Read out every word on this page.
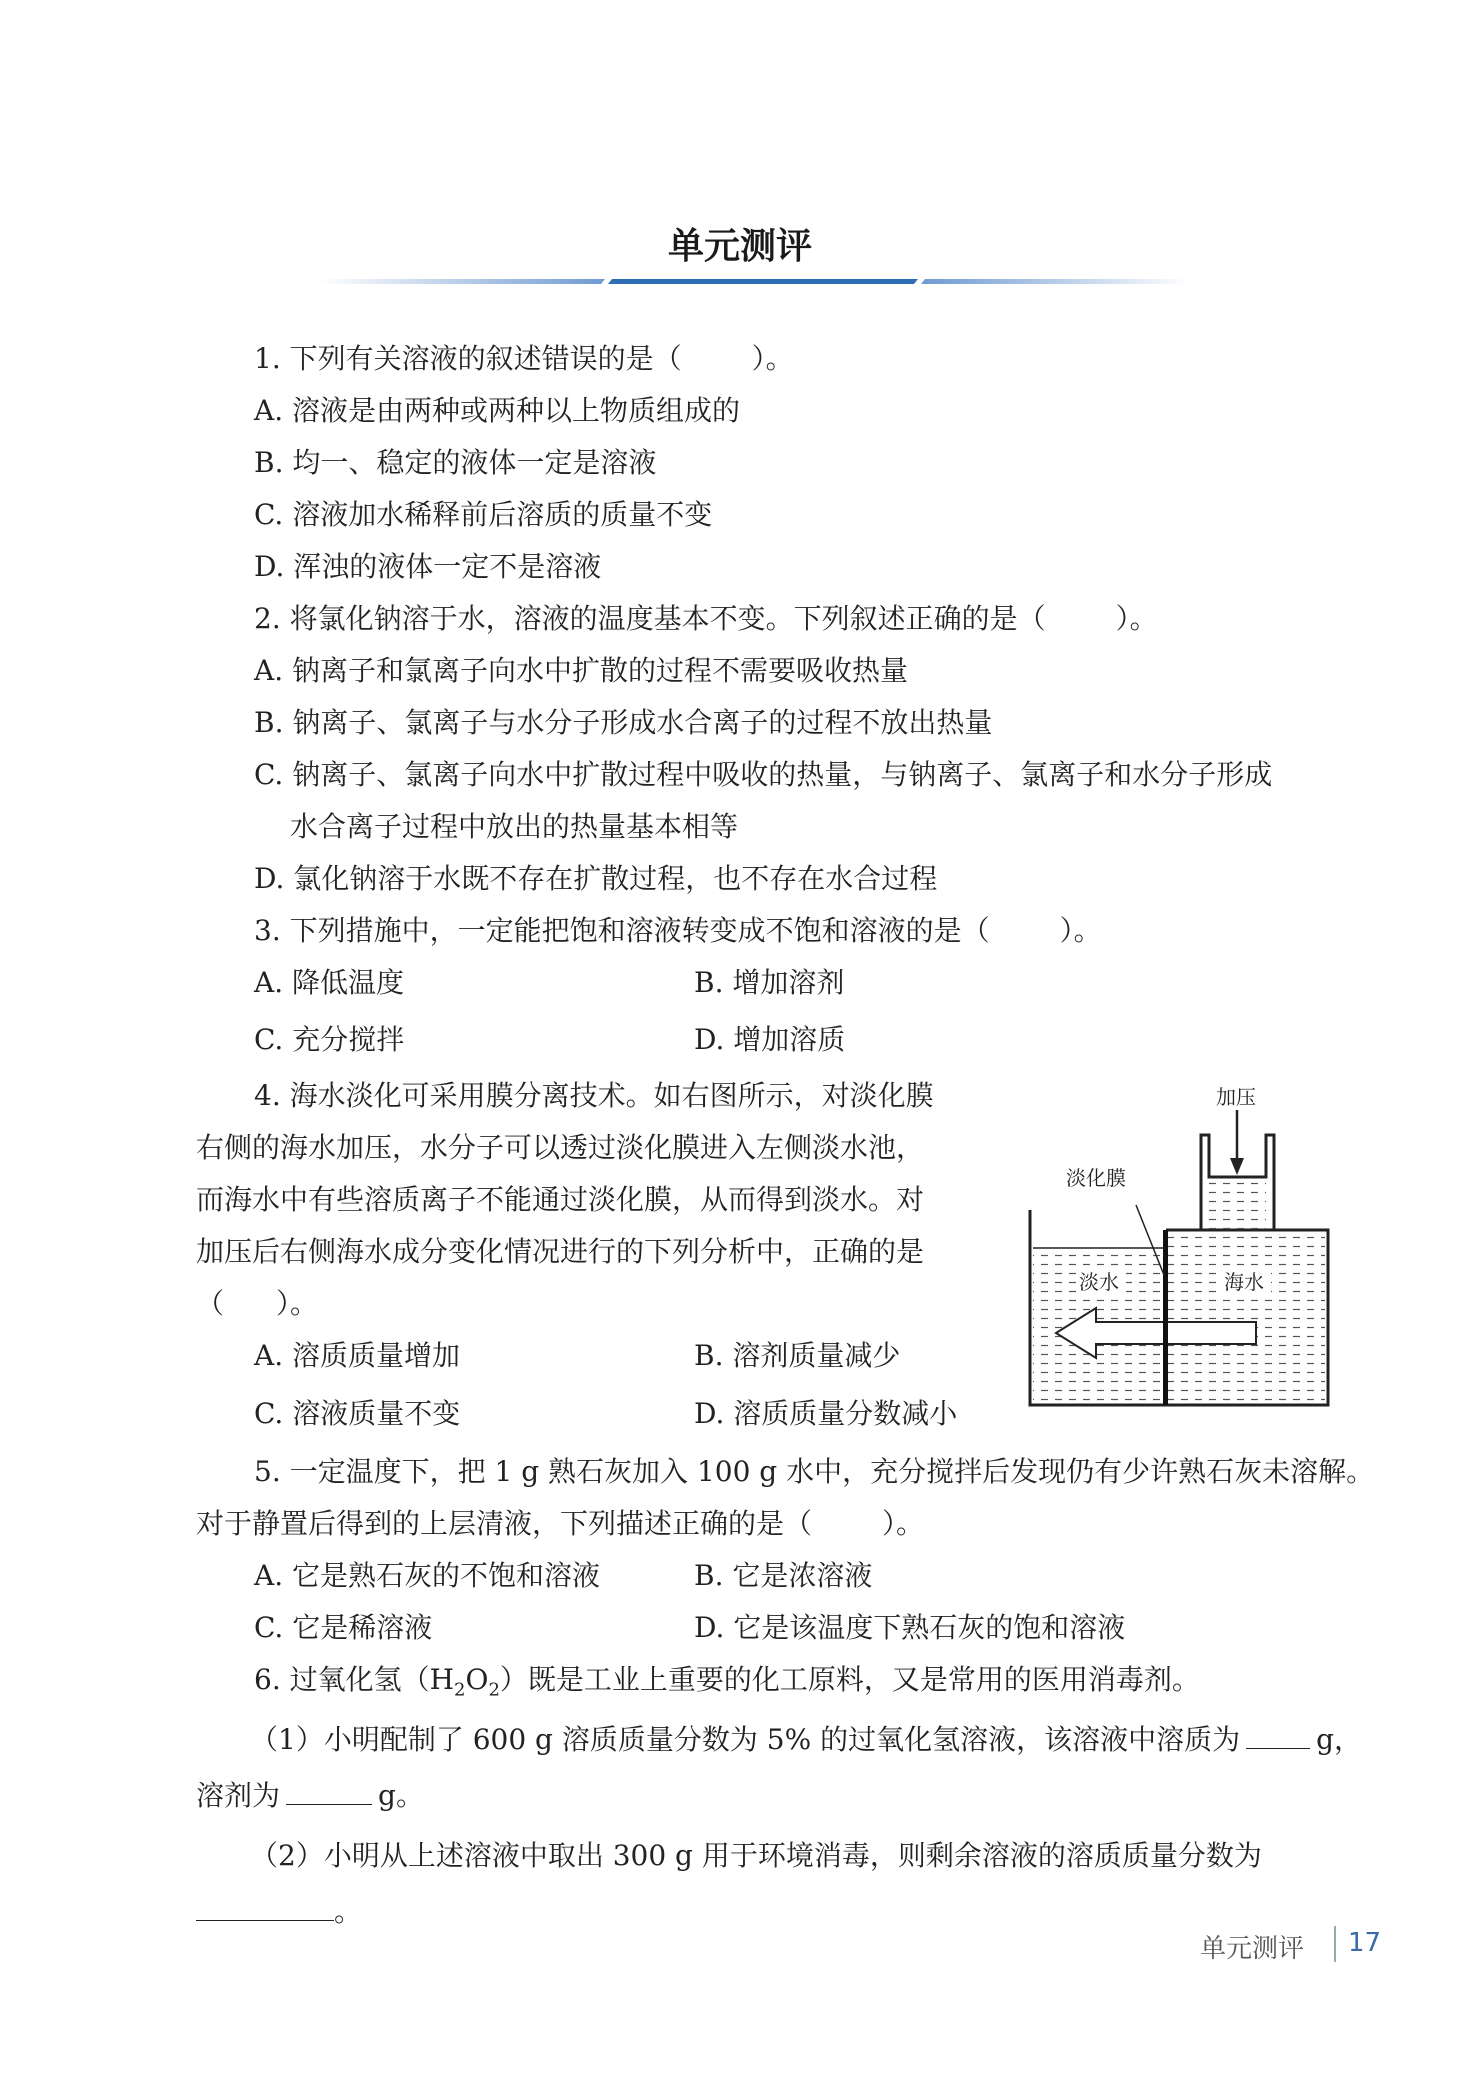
单元测评
1. 下列有关溶液的叙述错误的是（	）。
A. 溶液是由两种或两种以上物质组成的
B. 均一、稳定的液体一定是溶液
C. 溶液加水稀释前后溶质的质量不变
D. 浑浊的液体一定不是溶液
2. 将氯化钠溶于水，溶液的温度基本不变。下列叙述正确的是（	）。
A. 钠离子和氯离子向水中扩散的过程不需要吸收热量
B. 钠离子、氯离子与水分子形成水合离子的过程不放出热量
C. 钠离子、氯离子向水中扩散过程中吸收的热量，与钠离子、氯离子和水分子形成
水合离子过程中放出的热量基本相等
D. 氯化钠溶于水既不存在扩散过程，也不存在水合过程
3. 下列措施中，一定能把饱和溶液转变成不饱和溶液的是（	）。
A. 降低温度	B. 增加溶剂
C. 充分搅拌	D. 增加溶质
4. 海水淡化可采用膜分离技术。如右图所示，对淡化膜
右侧的海水加压，水分子可以透过淡化膜进入左侧淡水池，
而海水中有些溶质离子不能通过淡化膜，从而得到淡水。对
加压后右侧海水成分变化情况进行的下列分析中，正确的是
（ ）。
A. 溶质质量增加	B. 溶剂质量减少
C. 溶液质量不变	D. 溶质质量分数减小
加压
淡化膜
淡水	海水
5. 一定温度下，把 1 g 熟石灰加入 100 g 水中，充分搅拌后发现仍有少许熟石灰未溶解。
对于静置后得到的上层清液，下列描述正确的是（	）。
A. 它是熟石灰的不饱和溶液	B. 它是浓溶液
C. 它是稀溶液	D. 它是该温度下熟石灰的饱和溶液
6. 过氧化氢$(H_2O_2)$既是工业上重要的化工原料，又是常用的医用消毒剂。
（1）小明配制了 600 g 溶质质量分数为 5% 的过氧化氢溶液，该溶液中溶质为	g，
溶剂为	g。
（2）小明从上述溶液中取出 300 g 用于环境消毒，则剩余溶液的溶质质量分数为
。
单元测评 17
